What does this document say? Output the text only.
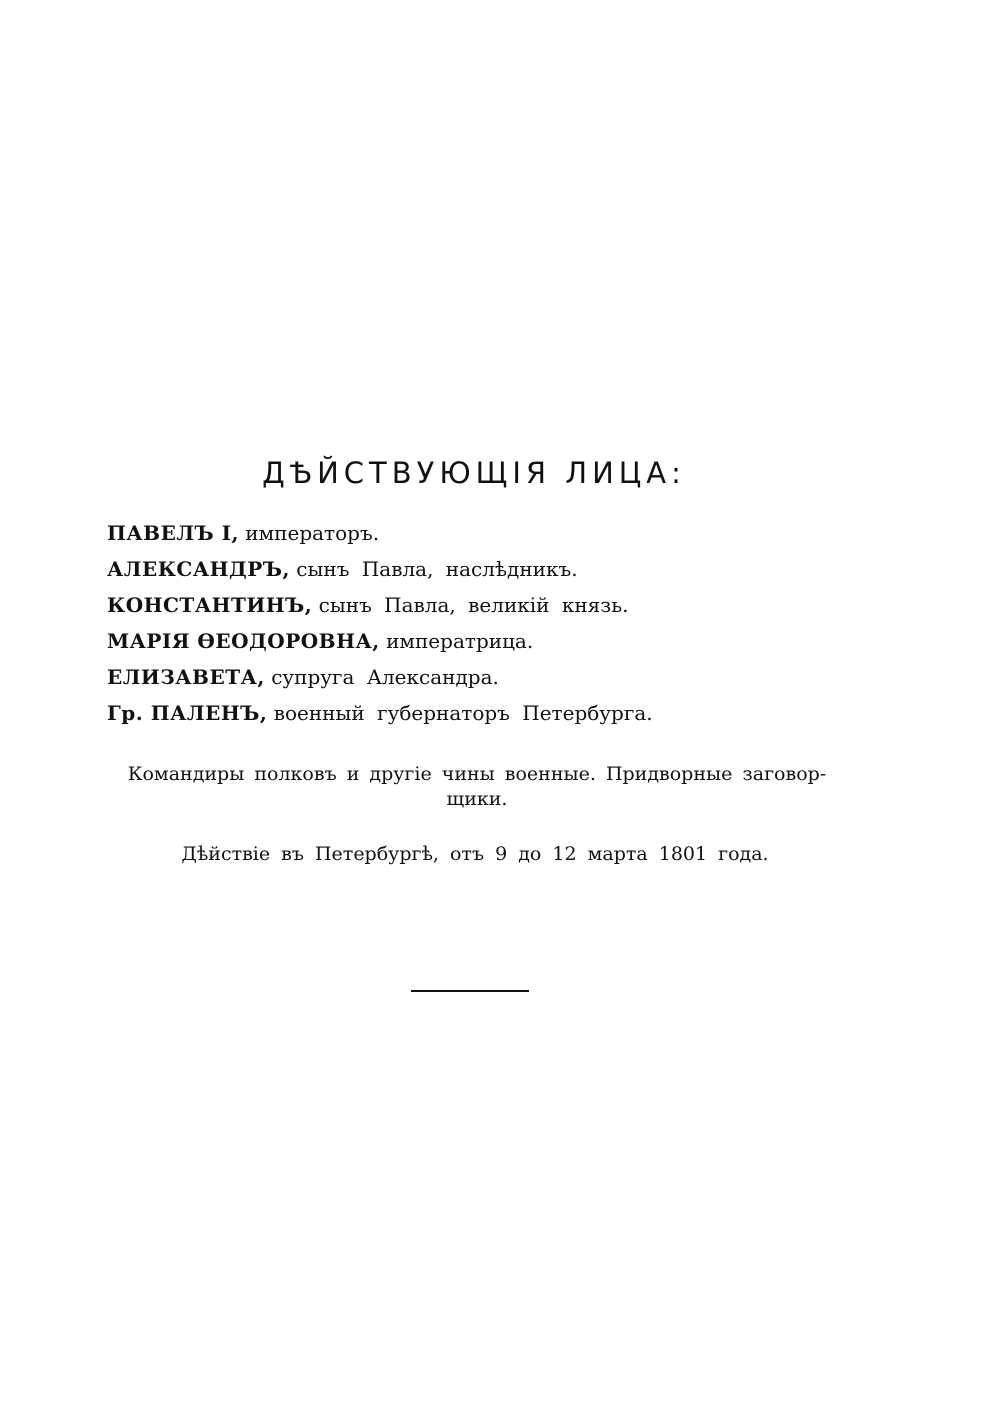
ДѢЙСТВУЮЩІЯ ЛИЦА:
ПАВЕЛЪ I, императоръ.
АЛЕКСАНДРЪ, сынъ Павла, наслѣдникъ.
КОНСТАНТИНЪ, сынъ Павла, великій князь.
МАРІЯ ѲЕОДОРОВНА, императрица.
ЕЛИЗАВЕТА, супруга Александра.
Гр. ПАЛЕНЪ, военный губернаторъ Петербурга.

Командиры полковъ и другіе чины военные. Придворные заговор-
щики.

Дѣйствіе въ Петербургѣ, отъ 9 до 12 марта 1801 года.
